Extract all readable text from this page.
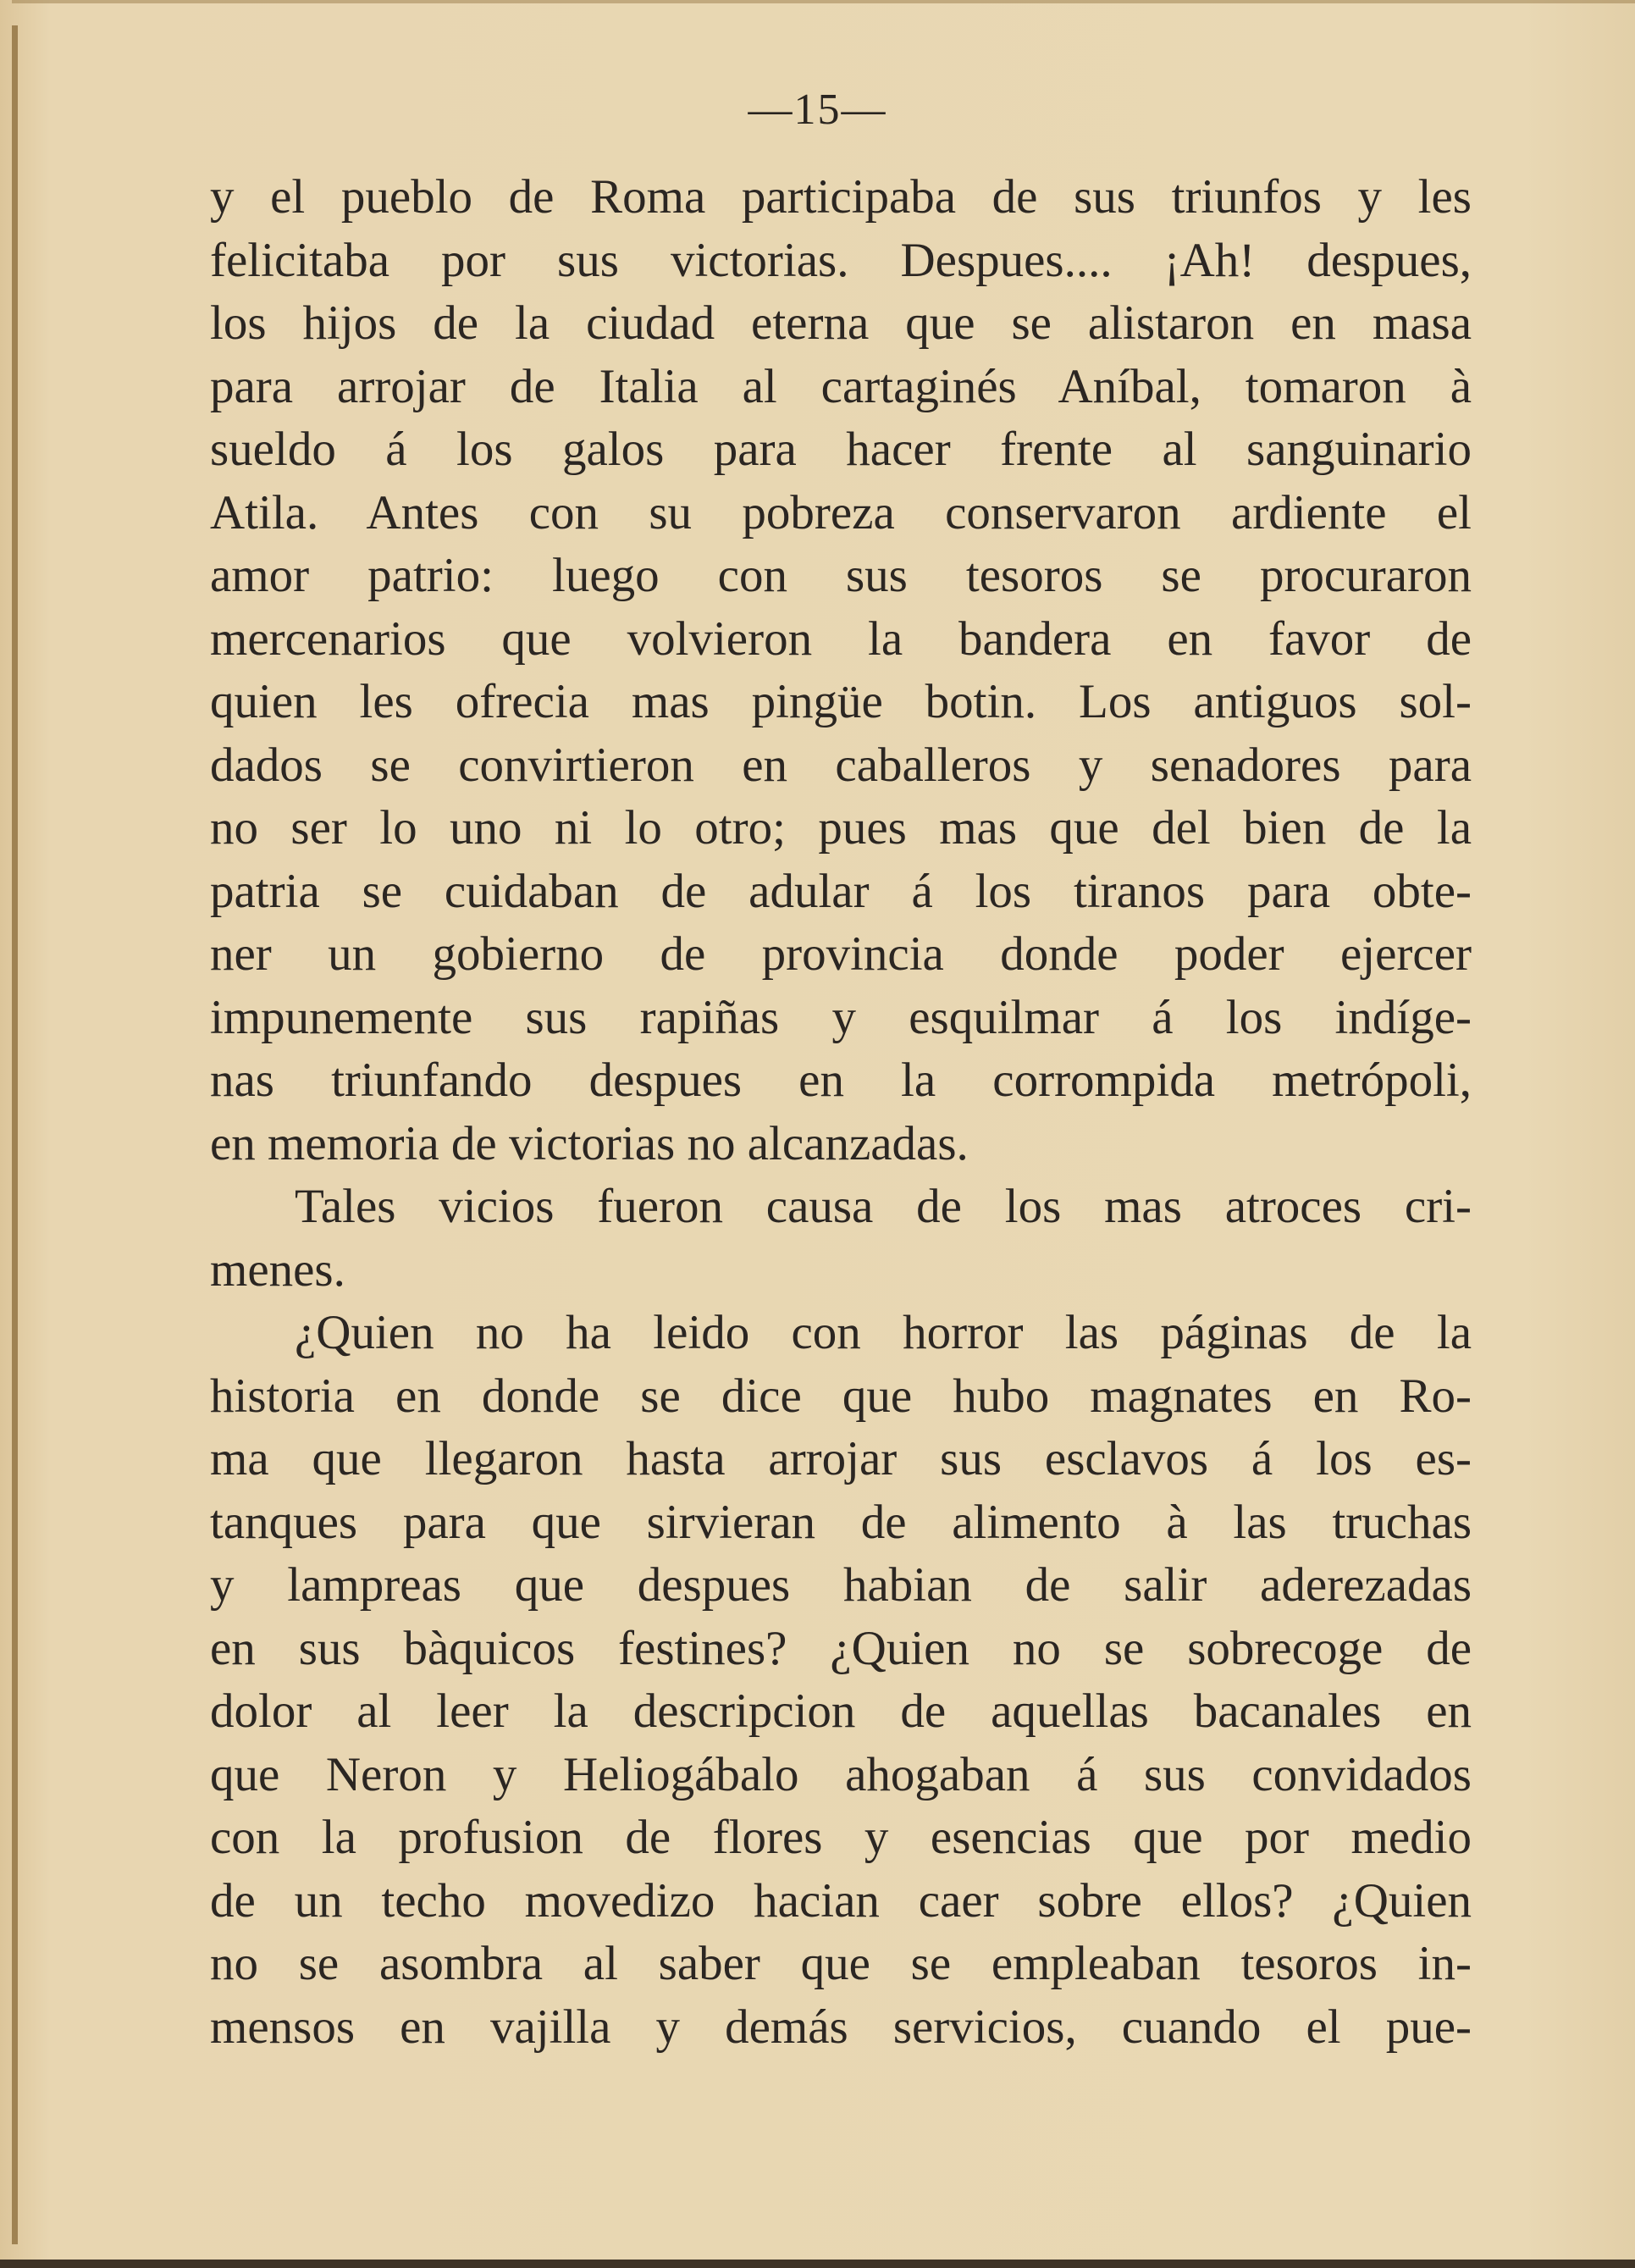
—15—
y el pueblo de Roma participaba de sus triunfos y les
felicitaba por sus victorias. Despues.... ¡Ah! despues,
los hijos de la ciudad eterna que se alistaron en masa
para arrojar de Italia al cartaginés Aníbal, tomaron à
sueldo á los galos para hacer frente al sanguinario
Atila. Antes con su pobreza conservaron ardiente el
amor patrio: luego con sus tesoros se procuraron
mercenarios que volvieron la bandera en favor de
quien les ofrecia mas pingüe botin. Los antiguos sol-
dados se convirtieron en caballeros y senadores para
no ser lo uno ni lo otro; pues mas que del bien de la
patria se cuidaban de adular á los tiranos para obte-
ner un gobierno de provincia donde poder ejercer
impunemente sus rapiñas y esquilmar á los indíge-
nas triunfando despues en la corrompida metrópoli,
en memoria de victorias no alcanzadas.
Tales vicios fueron causa de los mas atroces cri-
menes.
¿Quien no ha leido con horror las páginas de la
historia en donde se dice que hubo magnates en Ro-
ma que llegaron hasta arrojar sus esclavos á los es-
tanques para que sirvieran de alimento à las truchas
y lampreas que despues habian de salir aderezadas
en sus bàquicos festines? ¿Quien no se sobrecoge de
dolor al leer la descripcion de aquellas bacanales en
que Neron y Heliogábalo ahogaban á sus convidados
con la profusion de flores y esencias que por medio
de un techo movedizo hacian caer sobre ellos? ¿Quien
no se asombra al saber que se empleaban tesoros in-
mensos en vajilla y demás servicios, cuando el pue-
